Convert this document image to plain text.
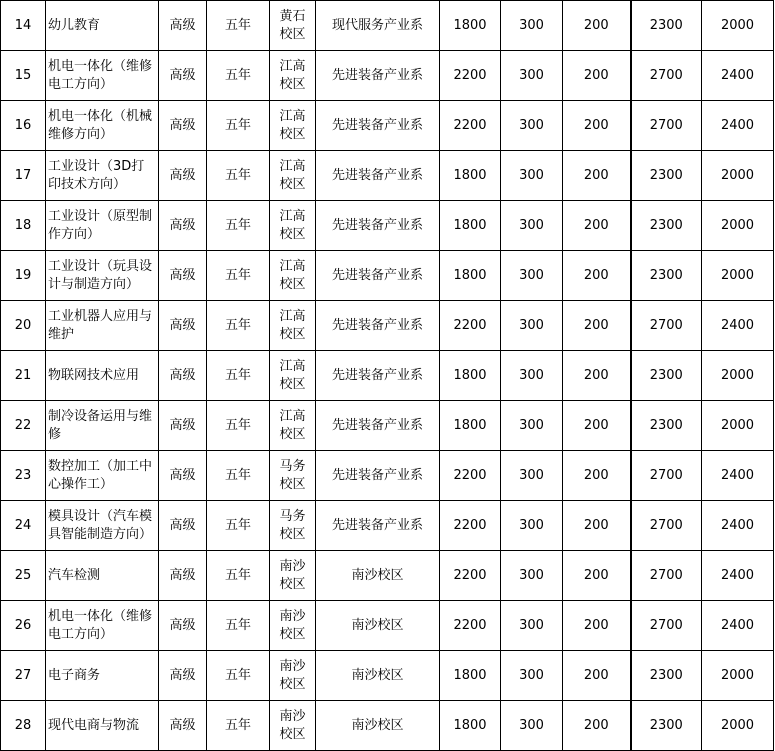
14	幼儿教育	高级	五年	黄石校区	现代服务产业系	1800	300	200	2300	2000
15	机电一体化（维修电工方向）	高级	五年	江高校区	先进装备产业系	2200	300	200	2700	2400
16	机电一体化（机械维修方向）	高级	五年	江高校区	先进装备产业系	2200	300	200	2700	2400
17	工业设计（3D打印技术方向）	高级	五年	江高校区	先进装备产业系	1800	300	200	2300	2000
18	工业设计（原型制作方向）	高级	五年	江高校区	先进装备产业系	1800	300	200	2300	2000
19	工业设计（玩具设计与制造方向）	高级	五年	江高校区	先进装备产业系	1800	300	200	2300	2000
20	工业机器人应用与维护	高级	五年	江高校区	先进装备产业系	2200	300	200	2700	2400
21	物联网技术应用	高级	五年	江高校区	先进装备产业系	1800	300	200	2300	2000
22	制冷设备运用与维修	高级	五年	江高校区	先进装备产业系	1800	300	200	2300	2000
23	数控加工（加工中心操作工）	高级	五年	马务校区	先进装备产业系	2200	300	200	2700	2400
24	模具设计（汽车模具智能制造方向）	高级	五年	马务校区	先进装备产业系	2200	300	200	2700	2400
25	汽车检测	高级	五年	南沙校区	南沙校区	2200	300	200	2700	2400
26	机电一体化（维修电工方向）	高级	五年	南沙校区	南沙校区	2200	300	200	2700	2400
27	电子商务	高级	五年	南沙校区	南沙校区	1800	300	200	2300	2000
28	现代电商与物流	高级	五年	南沙校区	南沙校区	1800	300	200	2300	2000
